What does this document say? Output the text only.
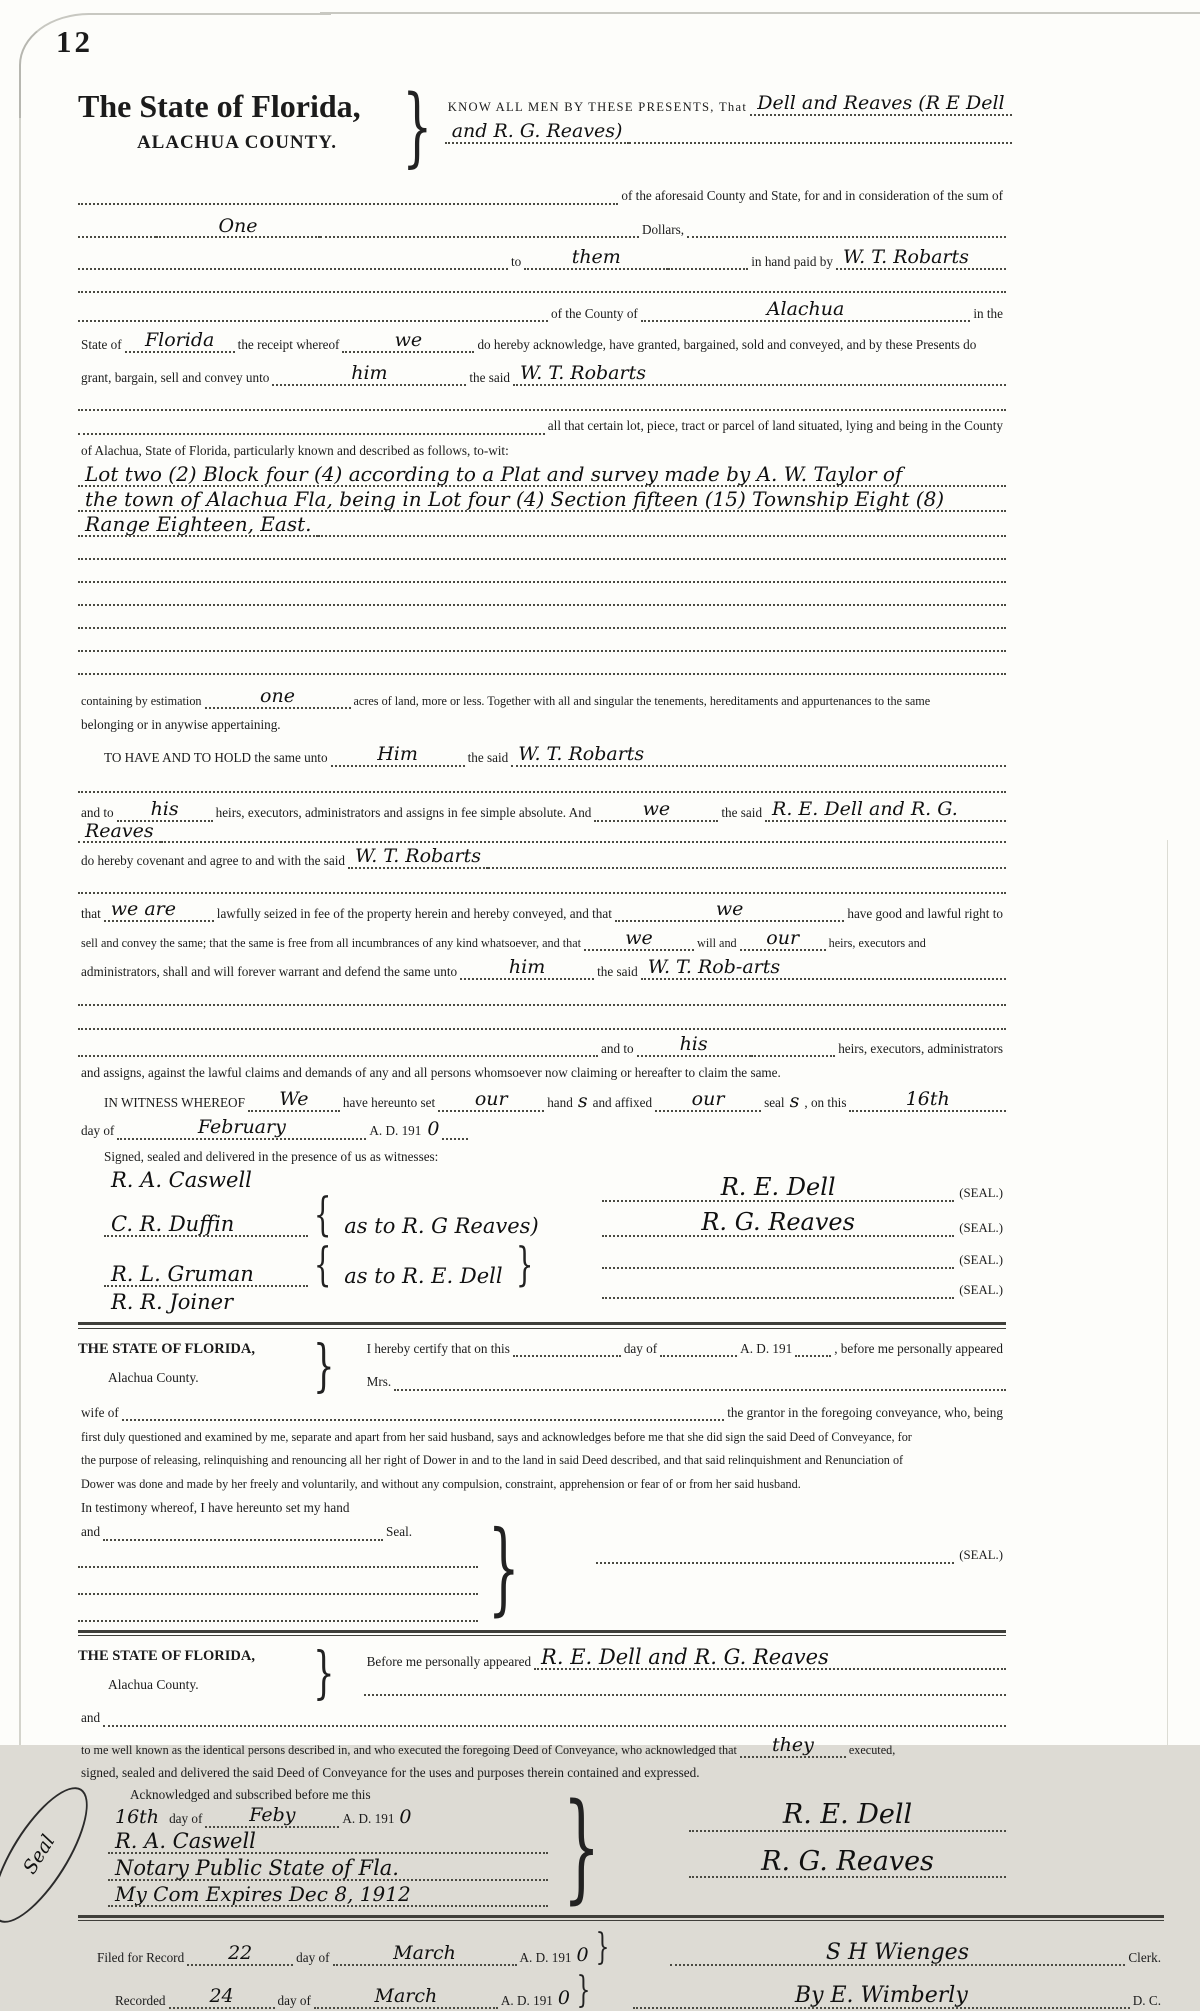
12
The State of Florida,
ALACHUA COUNTY.
}
KNOW ALL MEN BY THESE PRESENTS, That Dell and Reaves (R E Dell
and R. G. Reaves)
of the aforesaid County and State, for and in consideration of the sum of
One	Dollars,
to	them	in hand paid by W. T. Robarts
of the County of	Alachua	in the
State of	Florida	the receipt whereof	we	do hereby acknowledge, have granted, bargained, sold and conveyed, and by these Presents do
grant, bargain, sell and convey unto	him	the said W. T. Robarts
all that certain lot, piece, tract or parcel of land situated, lying and being in the County
of Alachua, State of Florida, particularly known and described as follows, to-wit:
Lot two (2) Block four (4) according to a Plat and survey made by A. W. Taylor of
the town of Alachua Fla, being in Lot four (4) Section fifteen (15) Township Eight (8)
Range Eighteen, East.
containing by estimation	one	acres of land, more or less. Together with all and singular the tenements, hereditaments and appurtenances to the same
belonging or in anywise appertaining.
TO HAVE AND TO HOLD the same unto	Him	the said W. T. Robarts
and to	his	heirs, executors, administrators and assigns in fee simple absolute. And	we	the said R. E. Dell and R. G.
Reaves
do hereby covenant and agree to and with the said W. T. Robarts
that we are	lawfully seized in fee of the property herein and hereby conveyed, and that	we	have good and lawful right to
sell and convey the same; that the same is free from all incumbrances of any kind whatsoever, and that	we	will and	our	heirs, executors and
administrators, shall and will forever warrant and defend the same unto	him	the said W. T. Rob-arts
and to	his	heirs, executors, administrators
and assigns, against the lawful claims and demands of any and all persons whomsoever now claiming or hereafter to claim the same.
IN WITNESS WHEREOF	We	have hereunto set	our	hand s and affixed	our	seal s , on this	16th
day of	February	A. D. 191 0
Signed, sealed and delivered in the presence of us as witnesses:
R. A. Caswell
C. R. Duffin {	as to R. G Reaves)
R. L. Gruman {	as to R. E. Dell
}
R. R. Joiner
R. E. Dell	(SEAL.)
R. G. Reaves	(SEAL.)
(SEAL.)
(SEAL.)
THE STATE OF FLORIDA,
Alachua County.
}
I hereby certify that on this	day of	A. D. 191	, before me personally appeared
Mrs.
wife of	the grantor in the foregoing conveyance, who, being
first duly questioned and examined by me, separate and apart from her said husband, says and acknowledges before me that she did sign the said Deed of Conveyance, for
the purpose of releasing, relinquishing and renouncing all her right of Dower in and to the land in said Deed described, and that said relinquishment and Renunciation of
Dower was done and made by her freely and voluntarily, and without any compulsion, constraint, apprehension or fear of or from her said husband.
In testimony whereof, I have hereunto set my hand
and	Seal.
}
(SEAL.)
THE STATE OF FLORIDA,
Alachua County.
}
Before me personally appeared R. E. Dell and R. G. Reaves
and
to me well known as the identical persons described in, and who executed the foregoing Deed of Conveyance, who acknowledged that	they	executed,
signed, sealed and delivered the said Deed of Conveyance for the uses and purposes therein contained and expressed.
Seal
Acknowledged and subscribed before me this
16th day of	Feby	A. D. 191 0
R. A. Caswell
Notary Public State of Fla.
My Com Expires Dec 8, 1912
}
R. E. Dell
R. G. Reaves
Filed for Record	22	day of	March	A. D. 191 0 }	S H Wienges	Clerk.
Recorded	24	day of	March	A. D. 191 0 }	By E. Wimberly	D. C.
